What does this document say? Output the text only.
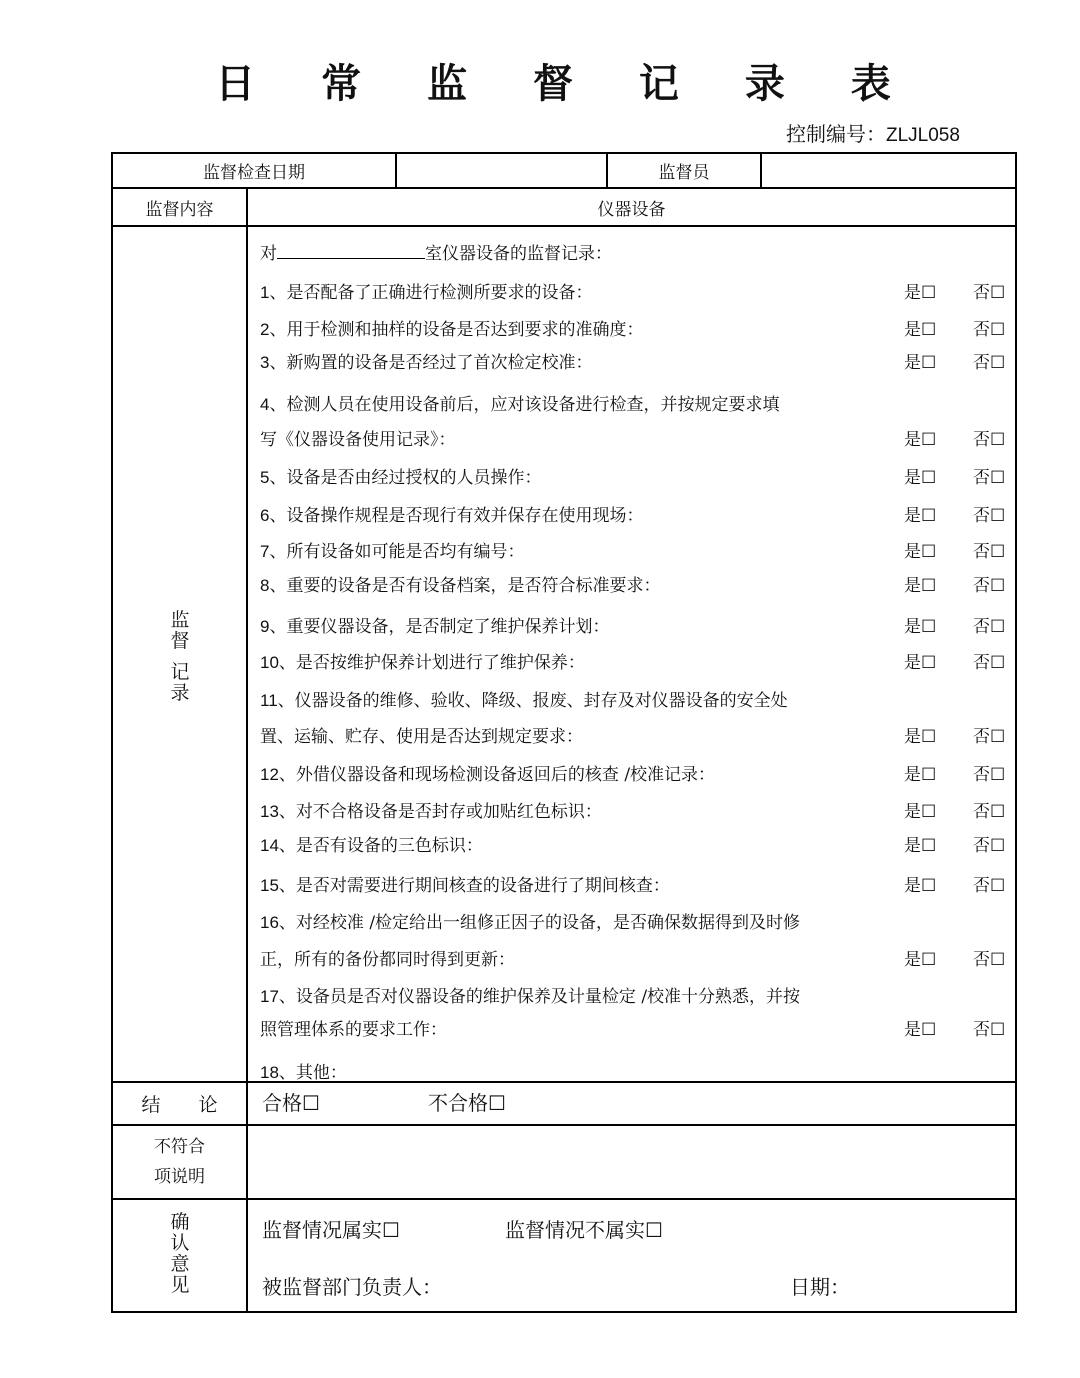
日 常 监 督 记 录 表
控制编号：ZLJL058
监督检查日期	监督员
监督内容	仪器设备
监
督
记
录
对	室仪器设备的监督记录：
1、是否配备了正确进行检测所要求的设备：	是☐ 否☐
2、用于检测和抽样的设备是否达到要求的准确度：	是☐ 否☐
3、新购置的设备是否经过了首次检定校准：	是☐ 否☐
4、检测人员在使用设备前后，应对该设备进行检查，并按规定要求填
写《仪器设备使用记录》：	是☐ 否☐
5、设备是否由经过授权的人员操作：	是☐ 否☐
6、设备操作规程是否现行有效并保存在使用现场：	是☐ 否☐
7、所有设备如可能是否均有编号：	是☐ 否☐
8、重要的设备是否有设备档案，是否符合标准要求：	是☐ 否☐
9、重要仪器设备，是否制定了维护保养计划：	是☐ 否☐
10、是否按维护保养计划进行了维护保养：	是☐ 否☐
11、仪器设备的维修、验收、降级、报废、封存及对仪器设备的安全处
置、运输、贮存、使用是否达到规定要求：	是☐ 否☐
12、外借仪器设备和现场检测设备返回后的核查 /校准记录：	是☐ 否☐
13、对不合格设备是否封存或加贴红色标识：	是☐ 否☐
14、是否有设备的三色标识：	是☐ 否☐
15、是否对需要进行期间核查的设备进行了期间核查：	是☐ 否☐
16、对经校准 /检定给出一组修正因子的设备，是否确保数据得到及时修
正，所有的备份都同时得到更新：	是☐ 否☐
17、设备员是否对仪器设备的维护保养及计量检定 /校准十分熟悉，并按
照管理体系的要求工作：	是☐ 否☐
18、其他：
结　　论	合格☐	不合格☐
不符合
项说明
确
认
意
见
监督情况属实☐	监督情况不属实☐
被监督部门负责人：	日期：
